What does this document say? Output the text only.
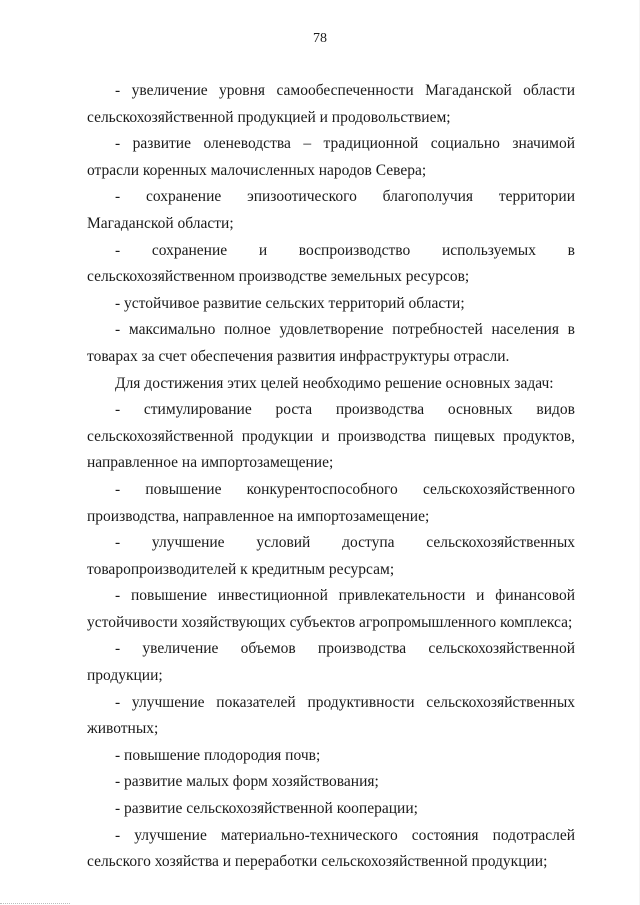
78

- увеличение уровня самообеспеченности Магаданской области сельскохозяйственной продукцией и продовольствием;

- развитие оленеводства – традиционной социально значимой отрасли коренных малочисленных народов Севера;

- сохранение эпизоотического благополучия территории Магаданской области;

- сохранение и воспроизводство используемых в сельскохозяйственном производстве земельных ресурсов;

- устойчивое развитие сельских территорий области;

- максимально полное удовлетворение потребностей населения в товарах за счет обеспечения развития инфраструктуры отрасли.

Для достижения этих целей необходимо решение основных задач:

- стимулирование роста производства основных видов сельскохозяйственной продукции и производства пищевых продуктов, направленное на импортозамещение;

- повышение конкурентоспособного сельскохозяйственного производства, направленное на импортозамещение;

- улучшение условий доступа сельскохозяйственных товаропроизводителей к кредитным ресурсам;

- повышение инвестиционной привлекательности и финансовой устойчивости хозяйствующих субъектов агропромышленного комплекса;

- увеличение объемов производства сельскохозяйственной продукции;

- улучшение показателей продуктивности сельскохозяйственных животных;

- повышение плодородия почв;

- развитие малых форм хозяйствования;

- развитие сельскохозяйственной кооперации;

- улучшение материально-технического состояния подотраслей сельского хозяйства и переработки сельскохозяйственной продукции;
